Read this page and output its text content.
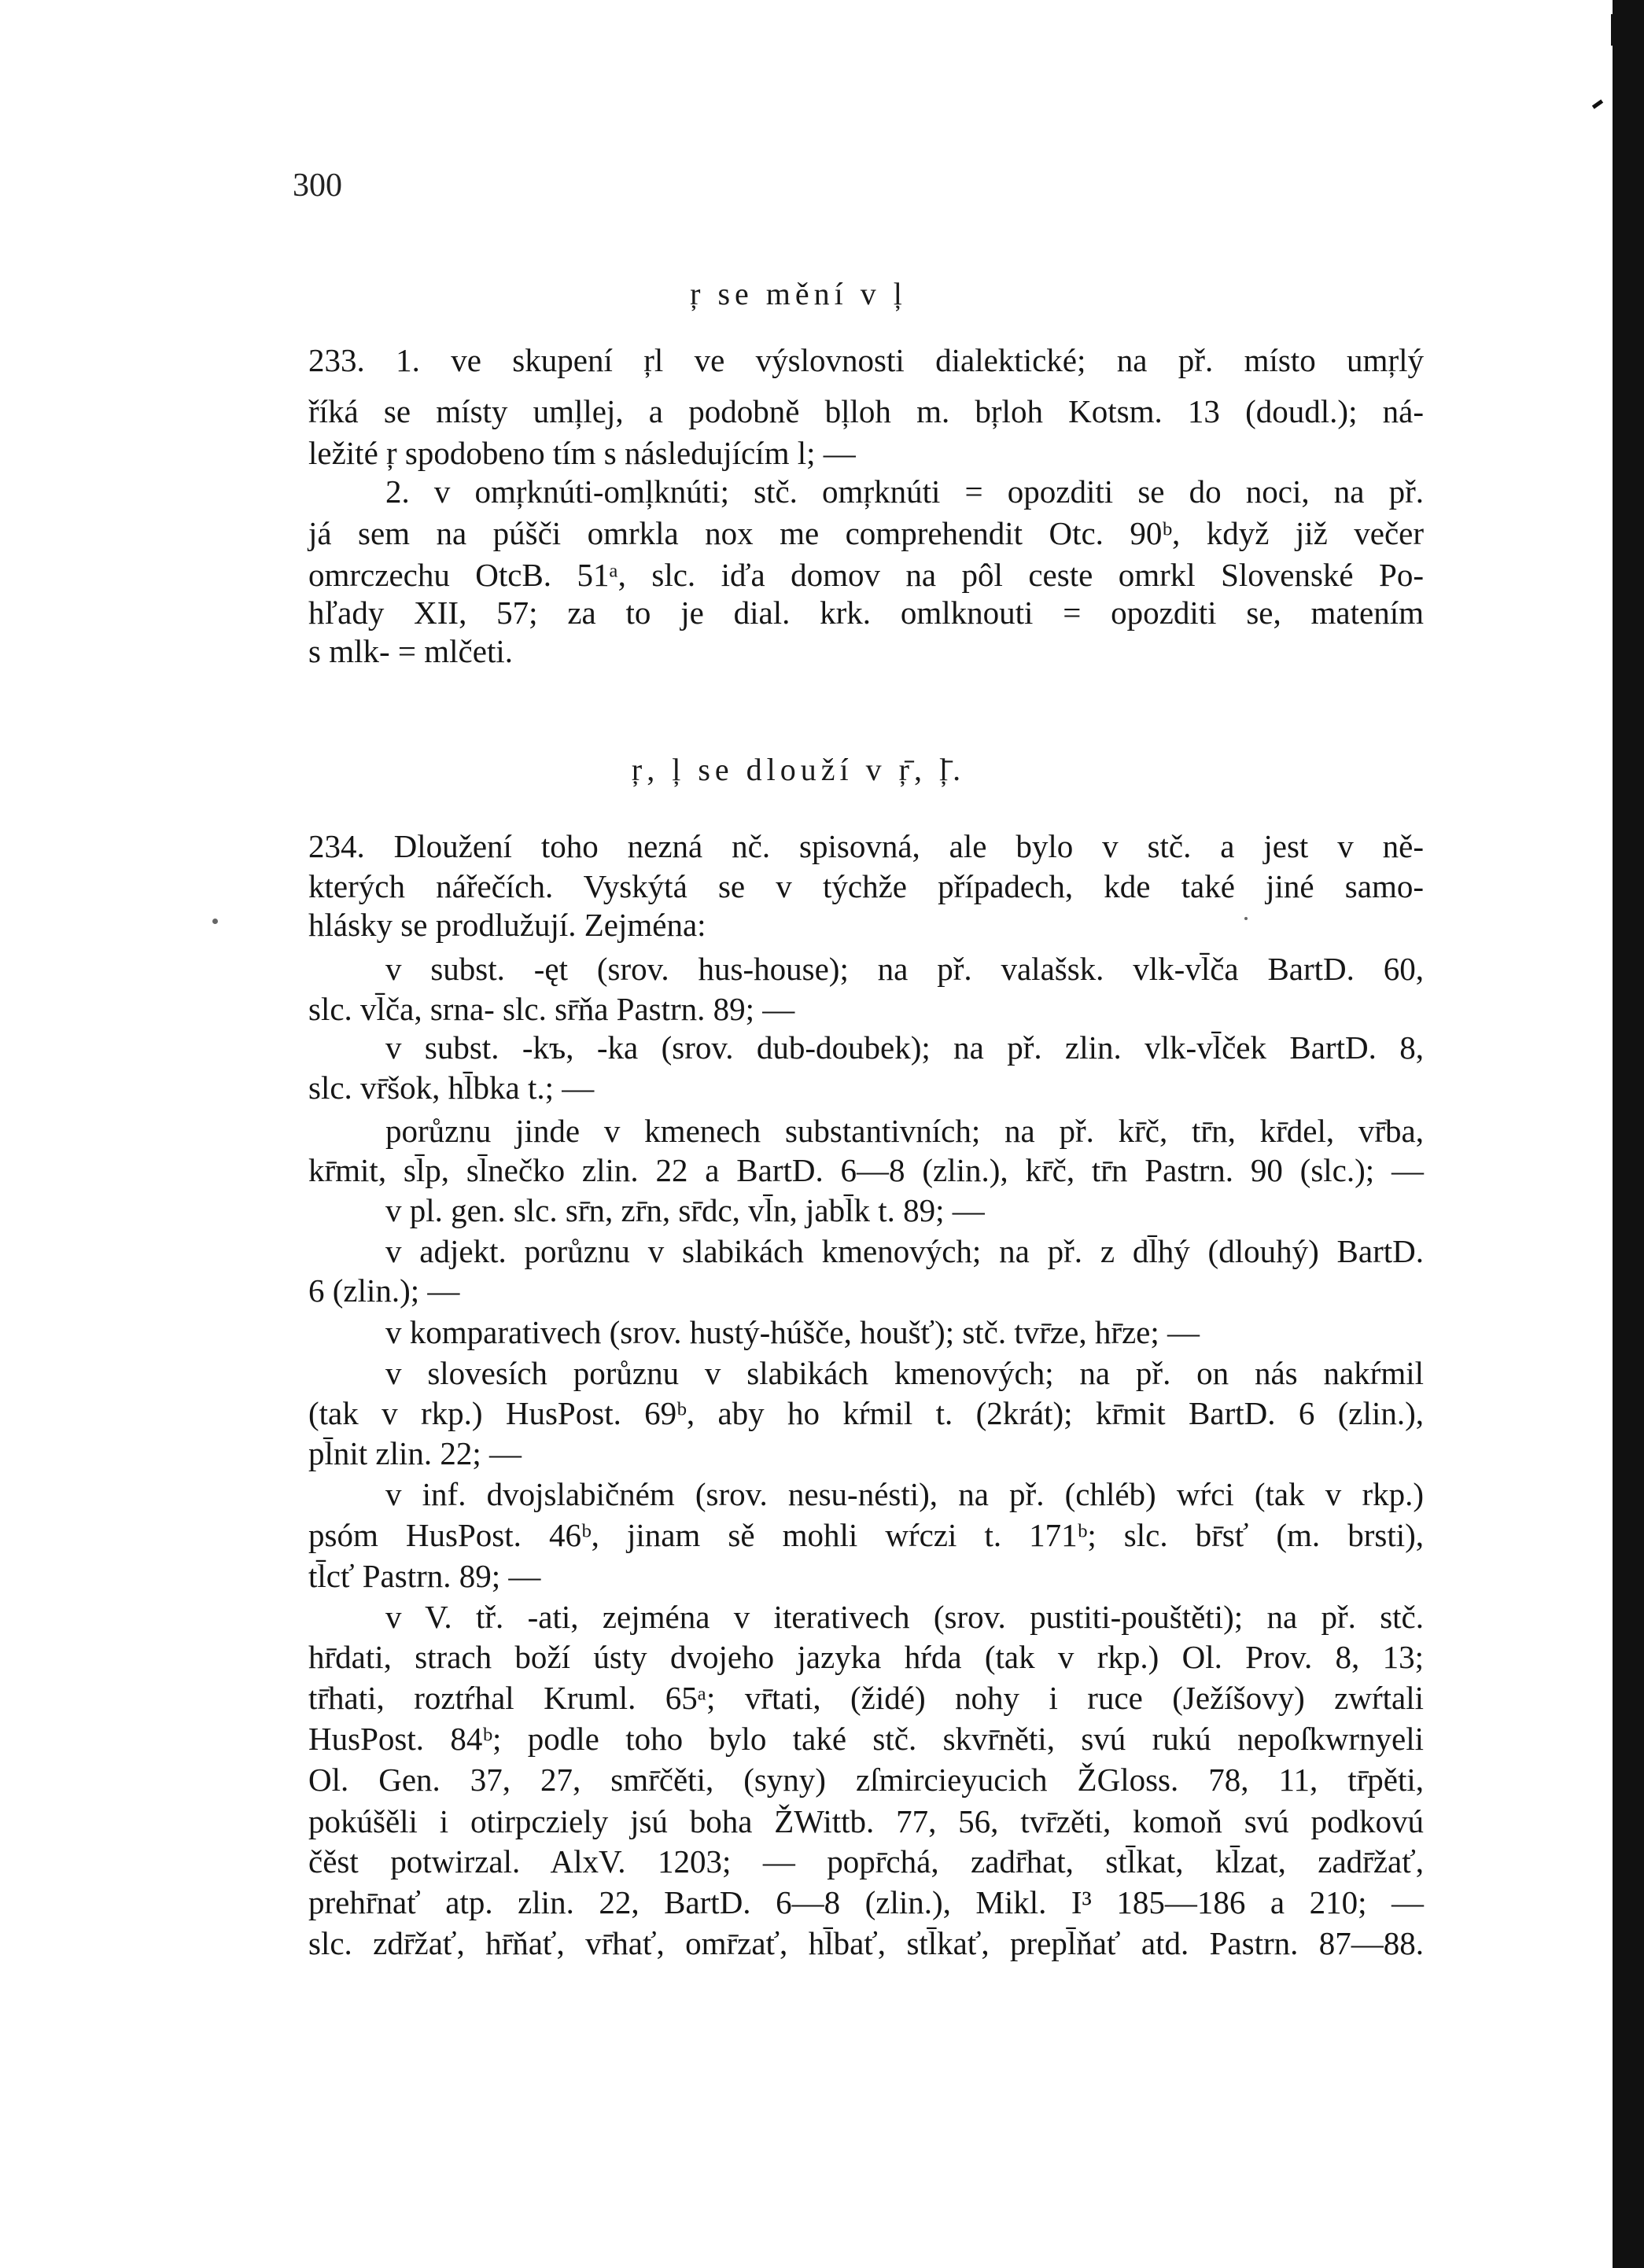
300
ŗ se mění v ļ
233. 1. ve skupení ŗl ve výslovnosti dialektické; na př. místo umŗlý
říká se místy umļlej, a podobně bļloh m. bŗloh Kotsm. 13 (doudl.); ná-
ležité ŗ spodobeno tím s následujícím l; —
2. v omŗknúti-omļknúti; stč. omŗknúti = opozditi se do noci, na př.
já sem na púšči omrkla nox me comprehendit Otc. 90ᵇ, když již večer
omrczechu OtcB. 51ᵃ, slc. iďa domov na pôl ceste omrkl Slovenské Po-
hľady XII, 57; za to je dial. krk. omlknouti = opozditi se, matením
s mlk- = mlčeti.
ŗ, ļ se dlouží v ŗ̄, ļ̄.
234. Dloužení toho nezná nč. spisovná, ale bylo v stč. a jest v ně-
kterých nářečích. Vyskýtá se v týchže případech, kde také jiné samo-
hlásky se prodlužují. Zejména:
v subst. -ęt (srov. hus-house); na př. valašsk. vlk-vl̄ča BartD. 60,
slc. vl̄ča, srna- slc. sr̄ňa Pastrn. 89; —
v subst. -kъ, -ka (srov. dub-doubek); na př. zlin. vlk-vl̄ček BartD. 8,
slc. vr̄šok, hl̄bka t.; —
porůznu jinde v kmenech substantivních; na př. kr̄č, tr̄n, kr̄del, vr̄ba,
kr̄mit, sl̄p, sl̄nečko zlin. 22 a BartD. 6—8 (zlin.), kr̄č, tr̄n Pastrn. 90 (slc.); —
v pl. gen. slc. sr̄n, zr̄n, sr̄dc, vl̄n, jabl̄k t. 89; —
v adjekt. porůznu v slabikách kmenových; na př. z dl̄hý (dlouhý) BartD.
6 (zlin.); —
v komparativech (srov. hustý-húšče, houšť); stč. tvr̄ze, hr̄ze; —
v slovesích porůznu v slabikách kmenových; na př. on nás nakŕmil
(tak v rkp.) HusPost. 69ᵇ, aby ho kŕmil t. (2krát); kr̄mit BartD. 6 (zlin.),
pl̄nit zlin. 22; —
v inf. dvojslabičném (srov. nesu-nésti), na př. (chléb) wŕci (tak v rkp.)
psóm HusPost. 46ᵇ, jinam sě mohli wŕczi t. 171ᵇ; slc. br̄sť (m. brsti),
tl̄cť Pastrn. 89; —
v V. tř. -ati, zejména v iterativech (srov. pustiti-pouštěti); na př. stč.
hr̄dati, strach boží ústy dvojeho jazyka hŕda (tak v rkp.) Ol. Prov. 8, 13;
tr̄hati, roztŕhal Kruml. 65ᵃ; vr̄tati, (židé) nohy i ruce (Ježíšovy) zwŕtali
HusPost. 84ᵇ; podle toho bylo také stč. skvr̄něti, svú rukú nepoſkwrnyeli
Ol. Gen. 37, 27, smr̄čěti, (syny) zſmircieyucich ŽGloss. 78, 11, tr̄pěti,
pokúšěli i otirpcziely jsú boha ŽWittb. 77, 56, tvr̄zěti, komoň svú podkovú
čěst potwirzal. AlxV. 1203; — popr̄chá, zadr̄hat, stl̄kat, kl̄zat, zadr̄žať,
prehr̄nať atp. zlin. 22, BartD. 6—8 (zlin.), Mikl. I³ 185—186 a 210; —
slc. zdr̄žať, hr̄ňať, vr̄hať, omr̄zať, hl̄bať, stl̄kať, prepl̄ňať atd. Pastrn. 87—88.
